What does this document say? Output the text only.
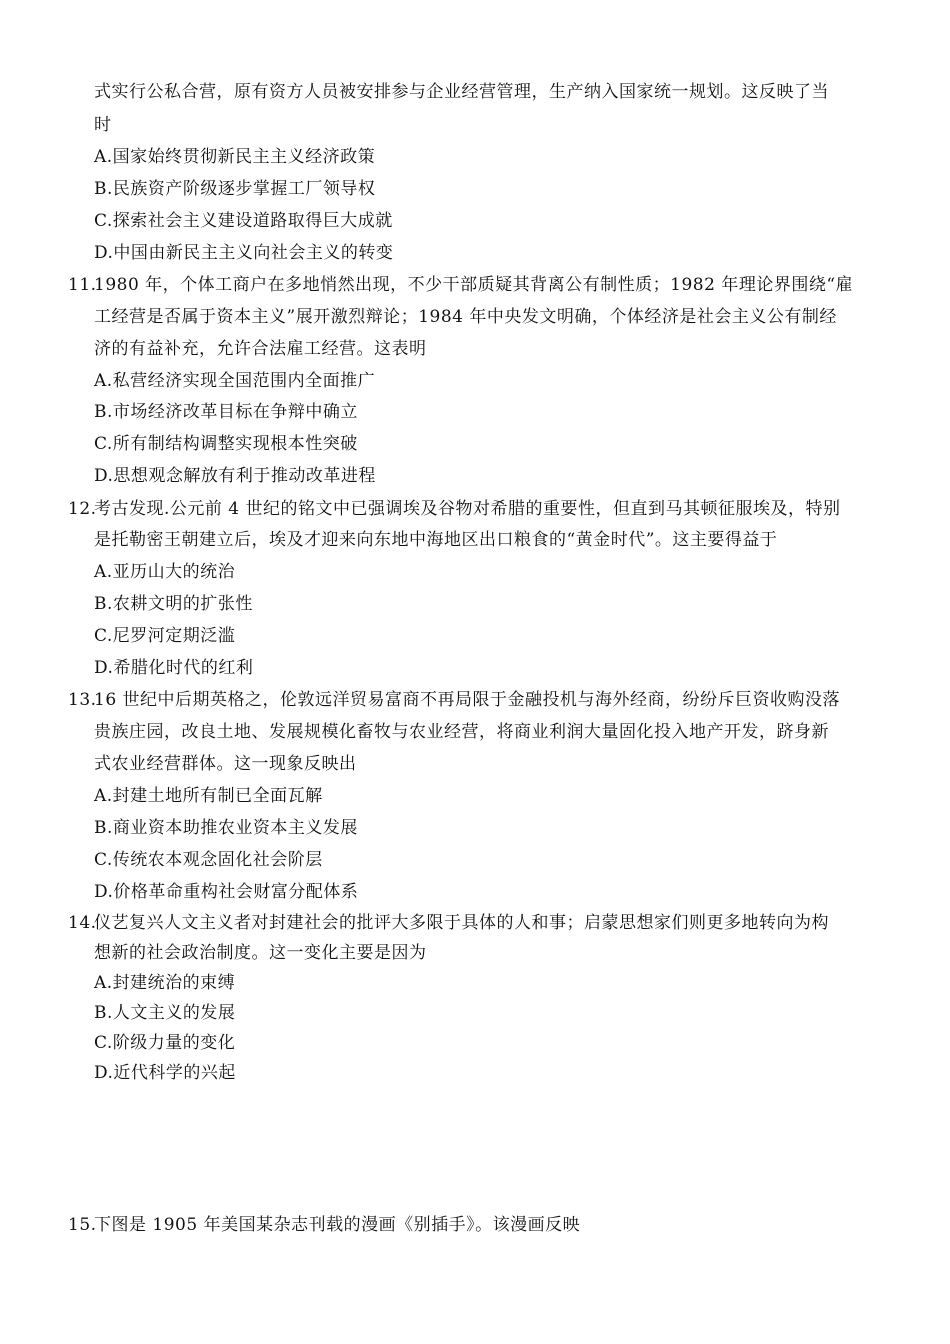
式实行公私合营，原有资方人员被安排参与企业经营管理，生产纳入国家统一规划。这反映了当
时
A.国家始终贯彻新民主主义经济政策
B.民族资产阶级逐步掌握工厂领导权
C.探索社会主义建设道路取得巨大成就
D.中国由新民主主义向社会主义的转变
11.
1980 年，个体工商户在多地悄然出现，不少干部质疑其背离公有制性质；1982 年理论界围绕“雇
工经营是否属于资本主义”展开激烈辩论；1984 年中央发文明确，个体经济是社会主义公有制经
济的有益补充，允许合法雇工经营。这表明
A.私营经济实现全国范围内全面推广
B.市场经济改革目标在争辩中确立
C.所有制结构调整实现根本性突破
D.思想观念解放有利于推动改革进程
12.
考古发现.公元前 4 世纪的铭文中已强调埃及谷物对希腊的重要性，但直到马其顿征服埃及，特别
是托勒密王朝建立后，埃及才迎来向东地中海地区出口粮食的“黄金时代”。这主要得益于
A.亚历山大的统治
B.农耕文明的扩张性
C.尼罗河定期泛滥
D.希腊化时代的红利
13.
16 世纪中后期英格之，伦敦远洋贸易富商不再局限于金融投机与海外经商，纷纷斥巨资收购没落
贵族庄园，改良土地、发展规模化畜牧与农业经营，将商业利润大量固化投入地产开发，跻身新
式农业经营群体。这一现象反映出
A.封建土地所有制已全面瓦解
B.商业资本助推农业资本主义发展
C.传统农本观念固化社会阶层
D.价格革命重构社会财富分配体系
14.
仪艺复兴人文主义者对封建社会的批评大多限于具体的人和事；启蒙思想家们则更多地转向为构
想新的社会政治制度。这一变化主要是因为
A.封建统治的束缚
B.人文主义的发展
C.阶级力量的变化
D.近代科学的兴起
15.
下图是 1905 年美国某杂志刊载的漫画《别插手》。该漫画反映
